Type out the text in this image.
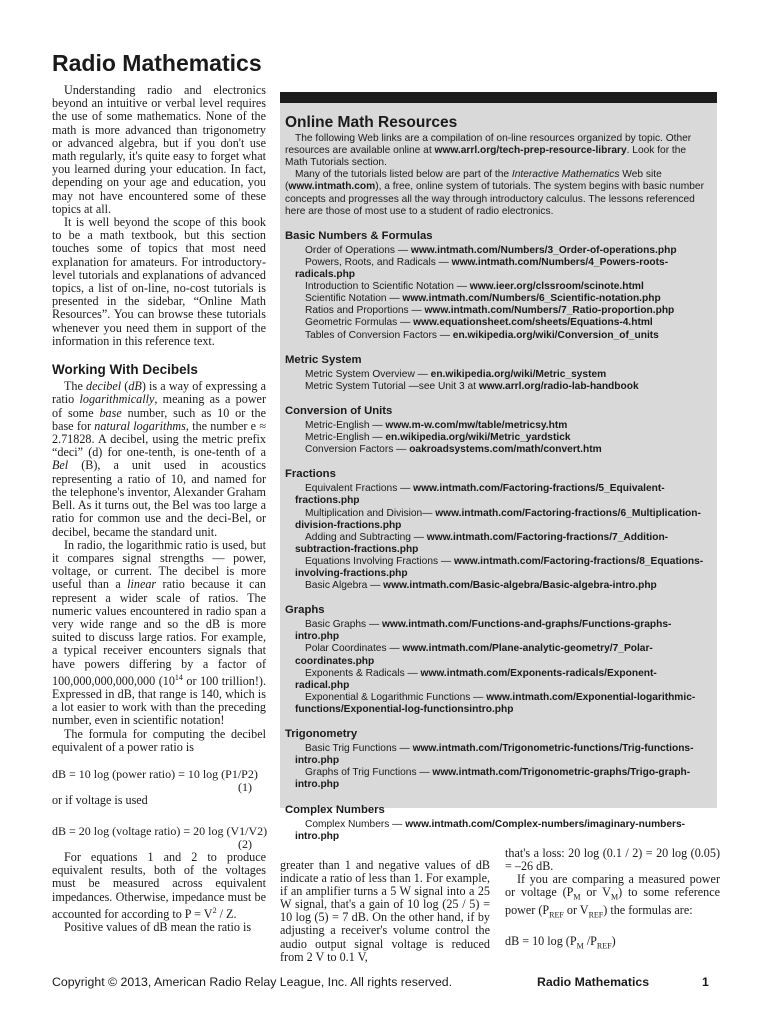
Radio Mathematics

Understanding radio and electronics beyond an intuitive or verbal level requires the use of some mathematics. None of the math is more advanced than trigonometry or advanced algebra, but if you don't use math regularly, it's quite easy to forget what you learned during your education. In fact, depending on your age and education, you may not have encountered some of these topics at all.

It is well beyond the scope of this book to be a math textbook, but this section touches some of topics that most need explanation for amateurs. For introductory-level tutorials and explanations of advanced topics, a list of on-line, no-cost tutorials is presented in the sidebar, “Online Math Resources”. You can browse these tutorials whenever you need them in support of the information in this reference text.

Working With Decibels

The decibel (dB) is a way of expressing a ratio logarithmically, meaning as a power of some base number, such as 10 or the base for natural logarithms, the number e ≈ 2.71828. A decibel, using the metric prefix “deci” (d) for one-tenth, is one-tenth of a Bel (B), a unit used in acoustics representing a ratio of 10, and named for the telephone's inventor, Alexander Graham Bell. As it turns out, the Bel was too large a ratio for common use and the deci-Bel, or decibel, became the standard unit.

In radio, the logarithmic ratio is used, but it compares signal strengths — power, voltage, or current. The decibel is more useful than a linear ratio because it can represent a wider scale of ratios. The numeric values encountered in radio span a very wide range and so the dB is more suited to discuss large ratios. For example, a typical receiver encounters signals that have powers differing by a factor of 100,000,000,000,000 ($10^{14}$ or 100 trillion!). Expressed in dB, that range is 140, which is a lot easier to work with than the preceding number, even in scientific notation!

The formula for computing the decibel equivalent of a power ratio is

dB = 10 log (power ratio) = 10 log (P1/P2)
(1)

or if voltage is used

dB = 20 log (voltage ratio) = 20 log (V1/V2)
(2)

For equations 1 and 2 to produce equivalent results, both of the voltages must be measured across equivalent impedances. Otherwise, impedance must be accounted for according to $P = V^2 / Z$.

Positive values of dB mean the ratio is

Online Math Resources

The following Web links are a compilation of on-line resources organized by topic. Other resources are available online at www.arrl.org/tech-prep-resource-library. Look for the Math Tutorials section.

Many of the tutorials listed below are part of the Interactive Mathematics Web site (www.intmath.com), a free, online system of tutorials. The system begins with basic number concepts and progresses all the way through introductory calculus. The lessons referenced here are those of most use to a student of radio electronics.

Basic Numbers & Formulas

Order of Operations — www.intmath.com/Numbers/3_Order-of-operations.php

Powers, Roots, and Radicals — www.intmath.com/Numbers/4_Powers-roots-radicals.php

Introduction to Scientific Notation — www.ieer.org/clssroom/scinote.html

Scientific Notation — www.intmath.com/Numbers/6_Scientific-notation.php

Ratios and Proportions — www.intmath.com/Numbers/7_Ratio-proportion.php

Geometric Formulas — www.equationsheet.com/sheets/Equations-4.html

Tables of Conversion Factors — en.wikipedia.org/wiki/Conversion_of_units

Metric System

Metric System Overview — en.wikipedia.org/wiki/Metric_system

Metric System Tutorial —see Unit 3 at www.arrl.org/radio-lab-handbook

Conversion of Units

Metric-English — www.m-w.com/mw/table/metricsy.htm

Metric-English — en.wikipedia.org/wiki/Metric_yardstick

Conversion Factors — oakroadsystems.com/math/convert.htm

Fractions

Equivalent Fractions — www.intmath.com/Factoring-fractions/5_Equivalent-fractions.php

Multiplication and Division— www.intmath.com/Factoring-fractions/6_Multiplication-division-fractions.php

Adding and Subtracting — www.intmath.com/Factoring-fractions/7_Addition-subtraction-fractions.php

Equations Involving Fractions — www.intmath.com/Factoring-fractions/8_Equations-involving-fractions.php

Basic Algebra — www.intmath.com/Basic-algebra/Basic-algebra-intro.php

Graphs

Basic Graphs — www.intmath.com/Functions-and-graphs/Functions-graphs-intro.php

Polar Coordinates — www.intmath.com/Plane-analytic-geometry/7_Polar-coordinates.php

Exponents & Radicals — www.intmath.com/Exponents-radicals/Exponent-radical.php

Exponential & Logarithmic Functions — www.intmath.com/Exponential-logarithmic-functions/Exponential-log-functionsintro.php

Trigonometry

Basic Trig Functions — www.intmath.com/Trigonometric-functions/Trig-functions-intro.php

Graphs of Trig Functions — www.intmath.com/Trigonometric-graphs/Trigo-graph-intro.php

Complex Numbers

Complex Numbers — www.intmath.com/Complex-numbers/imaginary-numbers-intro.php

greater than 1 and negative values of dB indicate a ratio of less than 1. For example, if an amplifier turns a 5 W signal into a 25 W signal, that's a gain of 10 log (25 / 5) = 10 log (5) = 7 dB. On the other hand, if by adjusting a receiver's volume control the audio output signal voltage is reduced from 2 V to 0.1 V,

that's a loss: 20 log (0.1 / 2) = 20 log (0.05) = –26 dB.

If you are comparing a measured power or voltage ($P_M$ or $V_M$) to some reference power ($P_{REF}$ or $V_{REF}$) the formulas are:

dB = 10 $\log (P_M$ $/P_{REF}$)

Copyright © 2013, American Radio Relay League, Inc. All rights reserved.	Radio Mathematics	1
